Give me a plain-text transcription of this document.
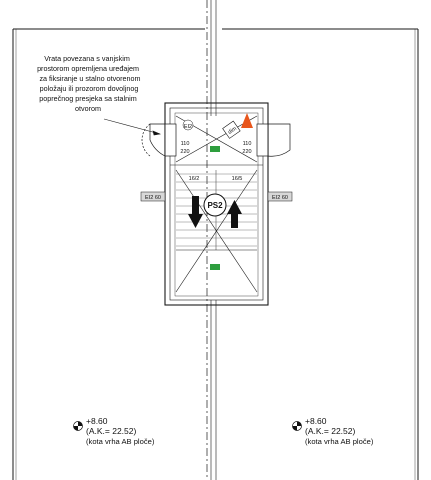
Vrata povezana s vanjskim
prostorom opremljena uređajem
za fiksiranje u stalno otvorenom
položaju ili prozorom dovoljnog
poprečnog presjeka sa stalnim
otvorom
110
220
110
220
EI2	dim
PS2
EI2 60	EI2 60
16/2	16/5
+8.60
(A.K.= 22.52)
(kota vrha AB ploče)
+8.60
(A.K.= 22.52)
(kota vrha AB ploče)
